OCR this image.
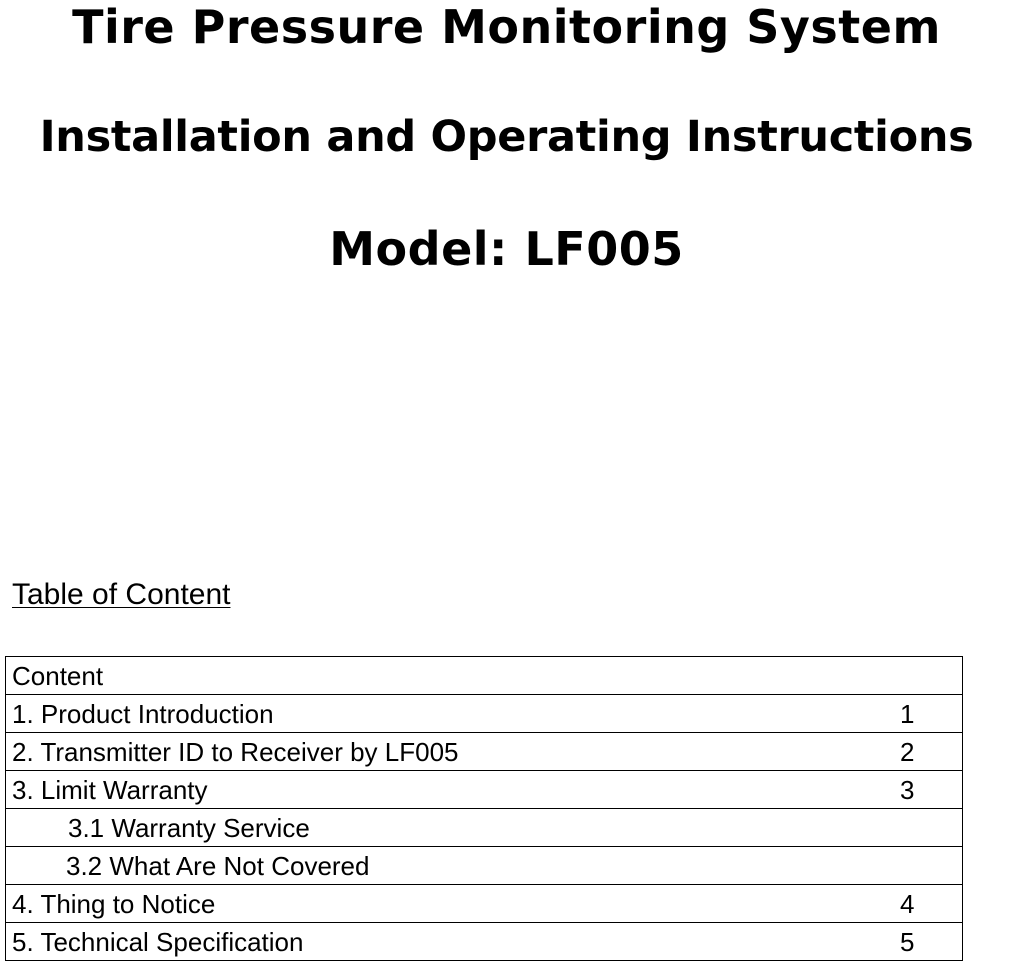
Tire Pressure Monitoring System
Installation and Operating Instructions
Model: LF005
Table of Content
Content	
1. Product Introduction	1
2. Transmitter ID to Receiver by LF005	2
3. Limit Warranty	3
3.1 Warranty Service	
3.2 What Are Not Covered	
4. Thing to Notice	4
5. Technical Specification	5
